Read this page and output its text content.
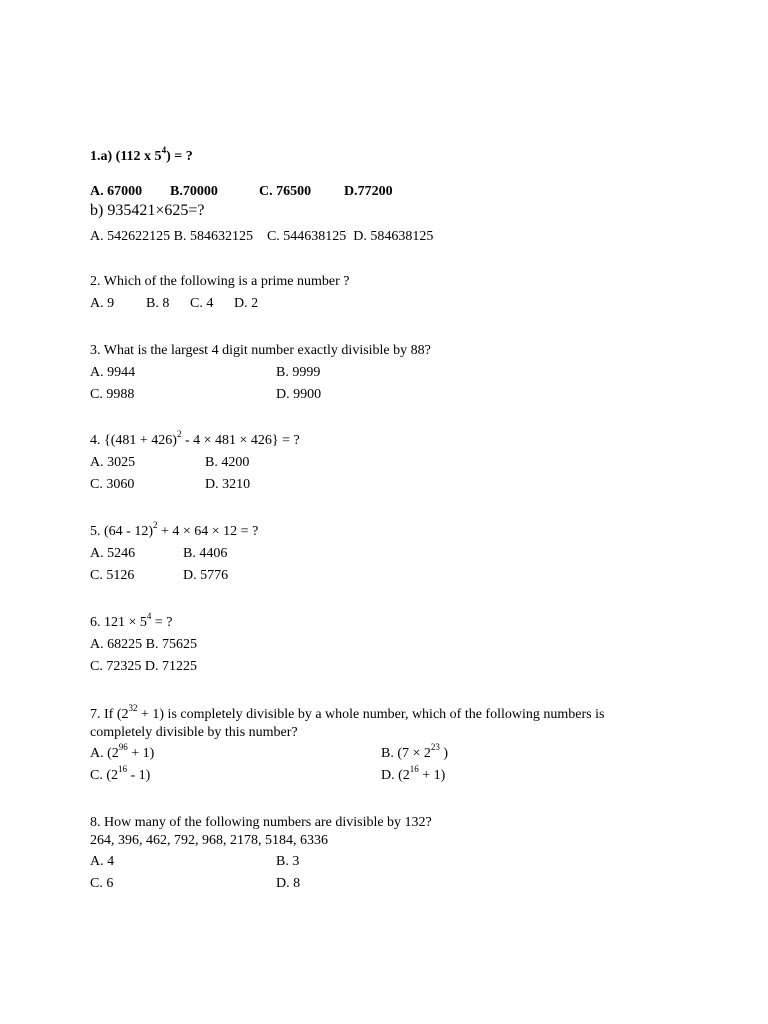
1.a) (112 x $5^4$) = ?
A. 67000 B.70000	C. 76500 D.77200
b) 935421×625=?
A. 542622125 B. 584632125    C. 544638125  D. 584638125
2. Which of the following is a prime number ?
A. 9 B. 8 C. 4 D. 2
3. What is the largest 4 digit number exactly divisible by 88?
A. 9944	B. 9999
C. 9988	D. 9900
4. $\{(481 + 426)^2 - 4 \times 481 \times 426\}$ = ?
A. 3025	B. 4200
C. 3060	D. 3210
5. (64 - 12)$^2$ + 4 × 64 × 12 = ?
A. 5246	B. 4406
C. 5126	D. 5776
6. $121 \times 5^4$ = ?
A. 68225 B. 75625
C. 72325 D. 71225
7. If $(2^{32} + 1)$ is completely divisible by a whole number, which of the following numbers is
completely divisible by this number?
A. $(2^{96} + 1)$	B. ($7 \times 2^{23}$ )
C. $(2^{16} - 1)$	D. $(2^{16} + 1)$
8. How many of the following numbers are divisible by 132?
264, 396, 462, 792, 968, 2178, 5184, 6336
A. 4	B. 3
C. 6	D. 8
